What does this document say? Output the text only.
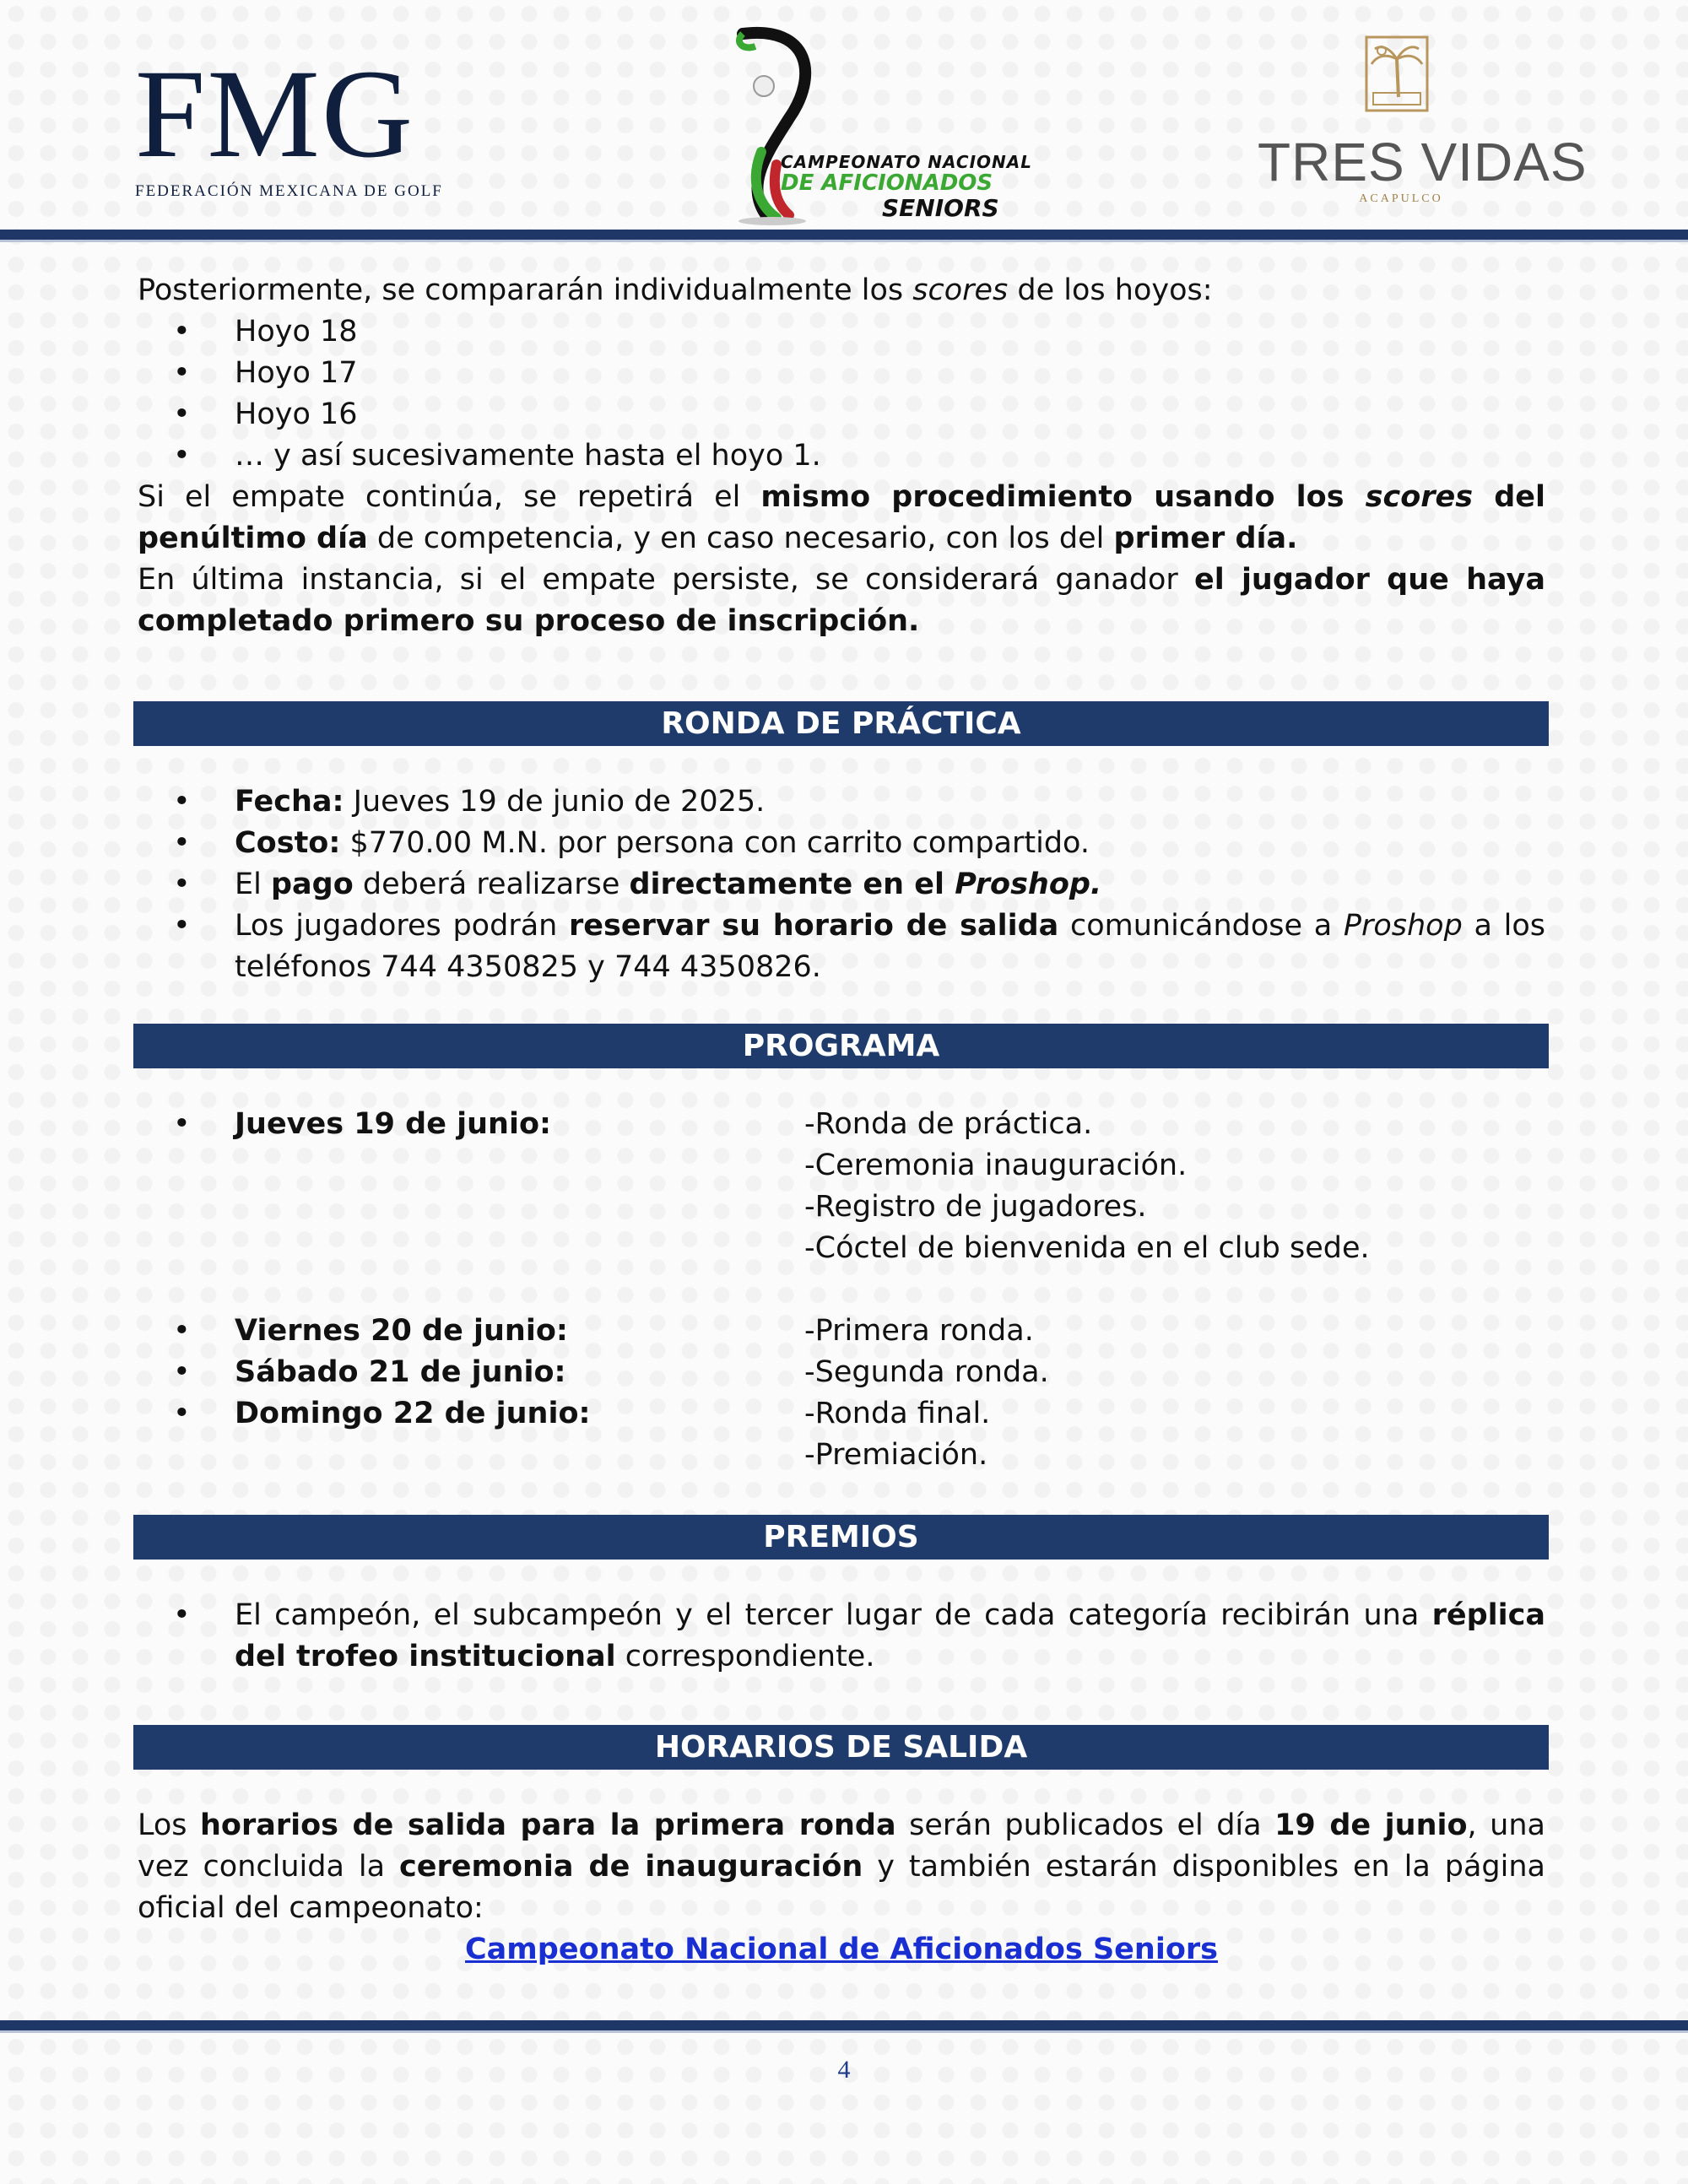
FMG
FEDERACIÓN MEXICANA DE GOLF
CAMPEONATO NACIONAL
DE AFICIONADOS
SENIORS
TRES VIDAS
ACAPULCO

Posteriormente, se compararán individualmente los scores de los hoyos:

• Hoyo 18
• Hoyo 17
• Hoyo 16
• … y así sucesivamente hasta el hoyo 1.

Si el empate continúa, se repetirá el mismo procedimiento usando los scores del penúltimo día de competencia, y en caso necesario, con los del primer día.

En última instancia, si el empate persiste, se considerará ganador el jugador que haya completado primero su proceso de inscripción.

RONDA DE PRÁCTICA
• Fecha: Jueves 19 de junio de 2025.
• Costo: $770.00 M.N. por persona con carrito compartido.
• El pago deberá realizarse directamente en el Proshop.
• Los jugadores podrán reservar su horario de salida comunicándose a Proshop a los teléfonos 744 4350825 y 744 4350826.
PROGRAMA
• Jueves 19 de junio:	-Ronda de práctica.
-Ceremonia inauguración.
-Registro de jugadores.
-Cóctel de bienvenida en el club sede.
• Viernes 20 de junio:	-Primera ronda.
• Sábado 21 de junio:	-Segunda ronda.
• Domingo 22 de junio:	-Ronda final.
-Premiación.
PREMIOS
• El campeón, el subcampeón y el tercer lugar de cada categoría recibirán una réplica del trofeo institucional correspondiente.
HORARIOS DE SALIDA

Los horarios de salida para la primera ronda serán publicados el día 19 de junio, una vez concluida la ceremonia de inauguración y también estarán disponibles en la página oficial del campeonato:

Campeonato Nacional de Aficionados Seniors
4
